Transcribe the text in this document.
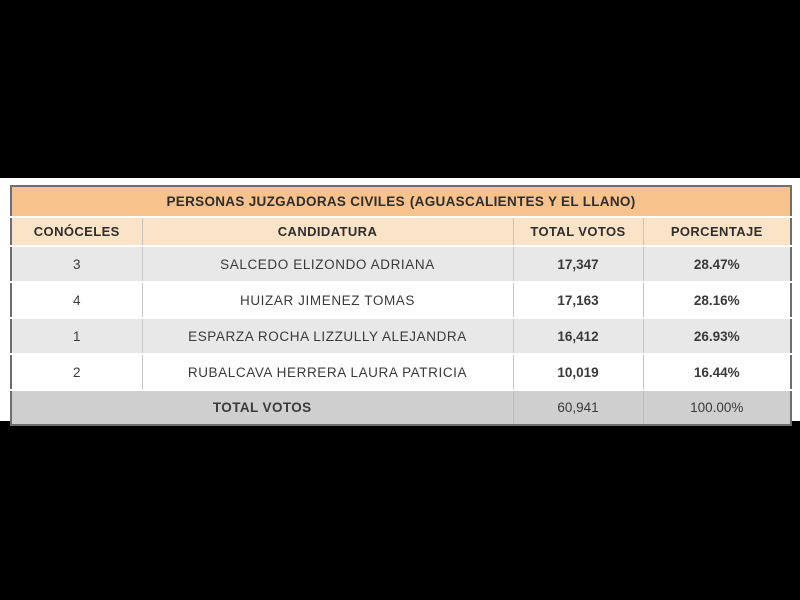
PERSONAS JUZGADORAS CIVILES (AGUASCALIENTES Y EL LLANO)			
CONÓCELES	CANDIDATURA	TOTAL VOTOS	PORCENTAJE
3	SALCEDO ELIZONDO ADRIANA	17,347	28.47%
4	HUIZAR JIMENEZ TOMAS	17,163	28.16%
1	ESPARZA ROCHA LIZZULLY ALEJANDRA	16,412	26.93%
2	RUBALCAVA HERRERA LAURA PATRICIA	10,019	16.44%
TOTAL VOTOS		60,941	100.00%
